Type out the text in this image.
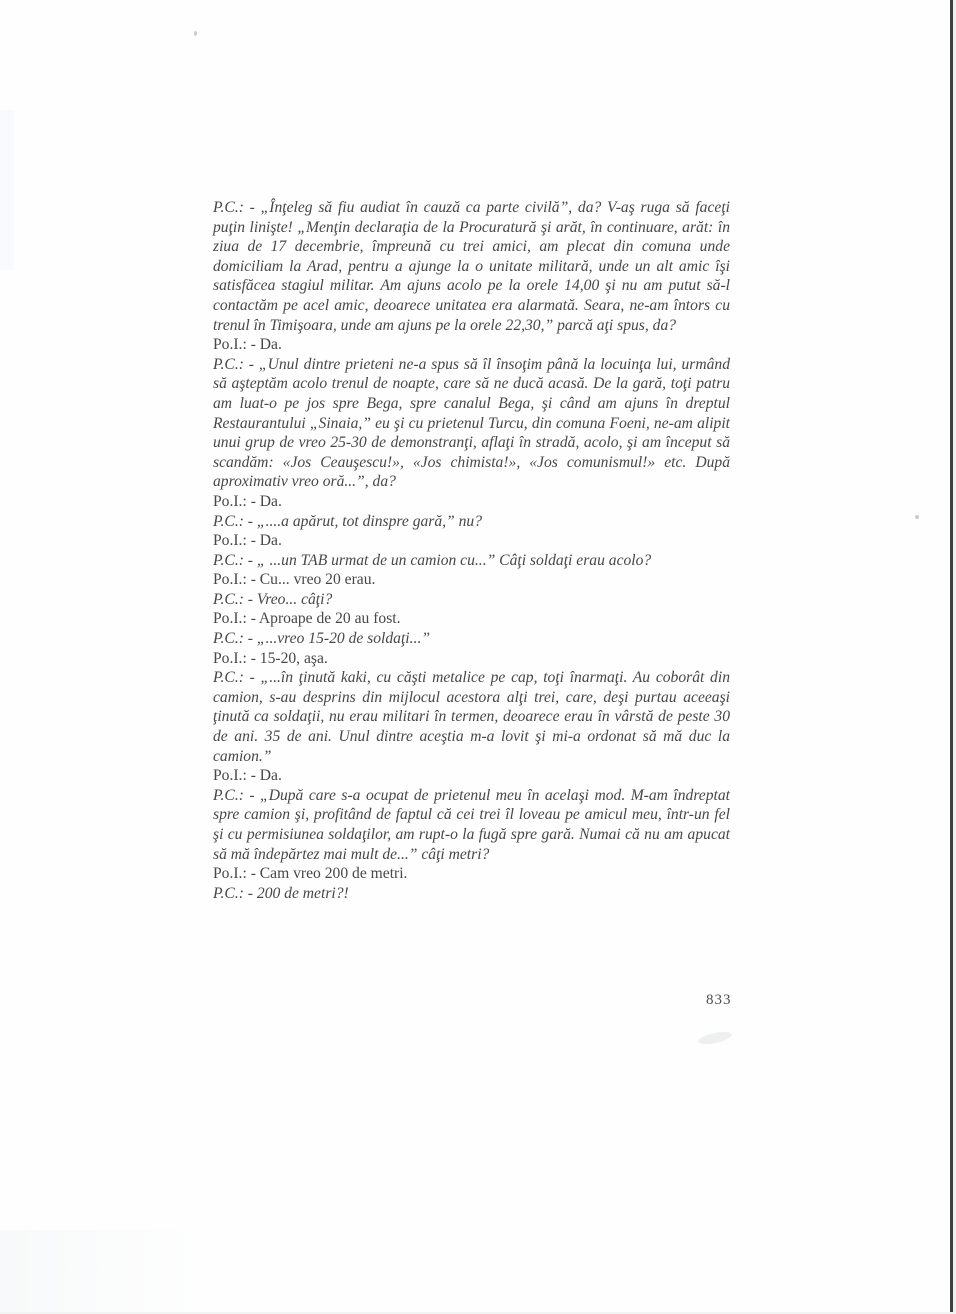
P.C.: - „Înţeleg să fiu audiat în cauză ca parte civilă”, da? V-aş ruga să faceţi puţin linişte! „Menţin declaraţia de la Procuratură şi arăt, în continuare, arăt: în ziua de 17 decembrie, împreună cu trei amici, am plecat din comuna unde domiciliam la Arad, pentru a ajunge la o unitate militară, unde un alt amic îşi satisfăcea stagiul militar. Am ajuns acolo pe la orele 14,00 şi nu am putut să-l contactăm pe acel amic, deoarece unitatea era alarmată. Seara, ne-am întors cu trenul în Timişoara, unde am ajuns pe la orele 22,30,” parcă aţi spus, da?

Po.I.: - Da.

P.C.: - „Unul dintre prieteni ne-a spus să îl însoţim până la locuinţa lui, urmând să aşteptăm acolo trenul de noapte, care să ne ducă acasă. De la gară, toţi patru am luat-o pe jos spre Bega, spre canalul Bega, şi când am ajuns în dreptul Restaurantului „Sinaia,” eu şi cu prietenul Turcu, din comuna Foeni, ne-am alipit unui grup de vreo 25-30 de demonstranţi, aflaţi în stradă, acolo, şi am început să scandăm: «Jos Ceauşescu!», «Jos chimista!», «Jos comunismul!» etc. După aproximativ vreo oră...”, da?

Po.I.: - Da.

P.C.: - „....a apărut, tot dinspre gară,” nu?

Po.I.: - Da.

P.C.: - „ ...un TAB urmat de un camion cu...” Câţi soldaţi erau acolo?

Po.I.: - Cu... vreo 20 erau.

P.C.: - Vreo... câţi?

Po.I.: - Aproape de 20 au fost.

P.C.: - „...vreo 15-20 de soldaţi...”

Po.I.: - 15-20, aşa.

P.C.: - „...în ţinută kaki, cu căşti metalice pe cap, toţi înarmaţi. Au coborât din camion, s-au desprins din mijlocul acestora alţi trei, care, deşi purtau aceeaşi ţinută ca soldaţii, nu erau militari în termen, deoarece erau în vârstă de peste 30 de ani. 35 de ani. Unul dintre aceştia m-a lovit şi mi-a ordonat să mă duc la camion.”

Po.I.: - Da.

P.C.: - „După care s-a ocupat de prietenul meu în acelaşi mod. M-am îndreptat spre camion şi, profitând de faptul că cei trei îl loveau pe amicul meu, într-un fel şi cu permisiunea soldaţilor, am rupt-o la fugă spre gară. Numai că nu am apucat să mă îndepărtez mai mult de...” câţi metri?

Po.I.: - Cam vreo 200 de metri.

P.C.: - 200 de metri?!

833
